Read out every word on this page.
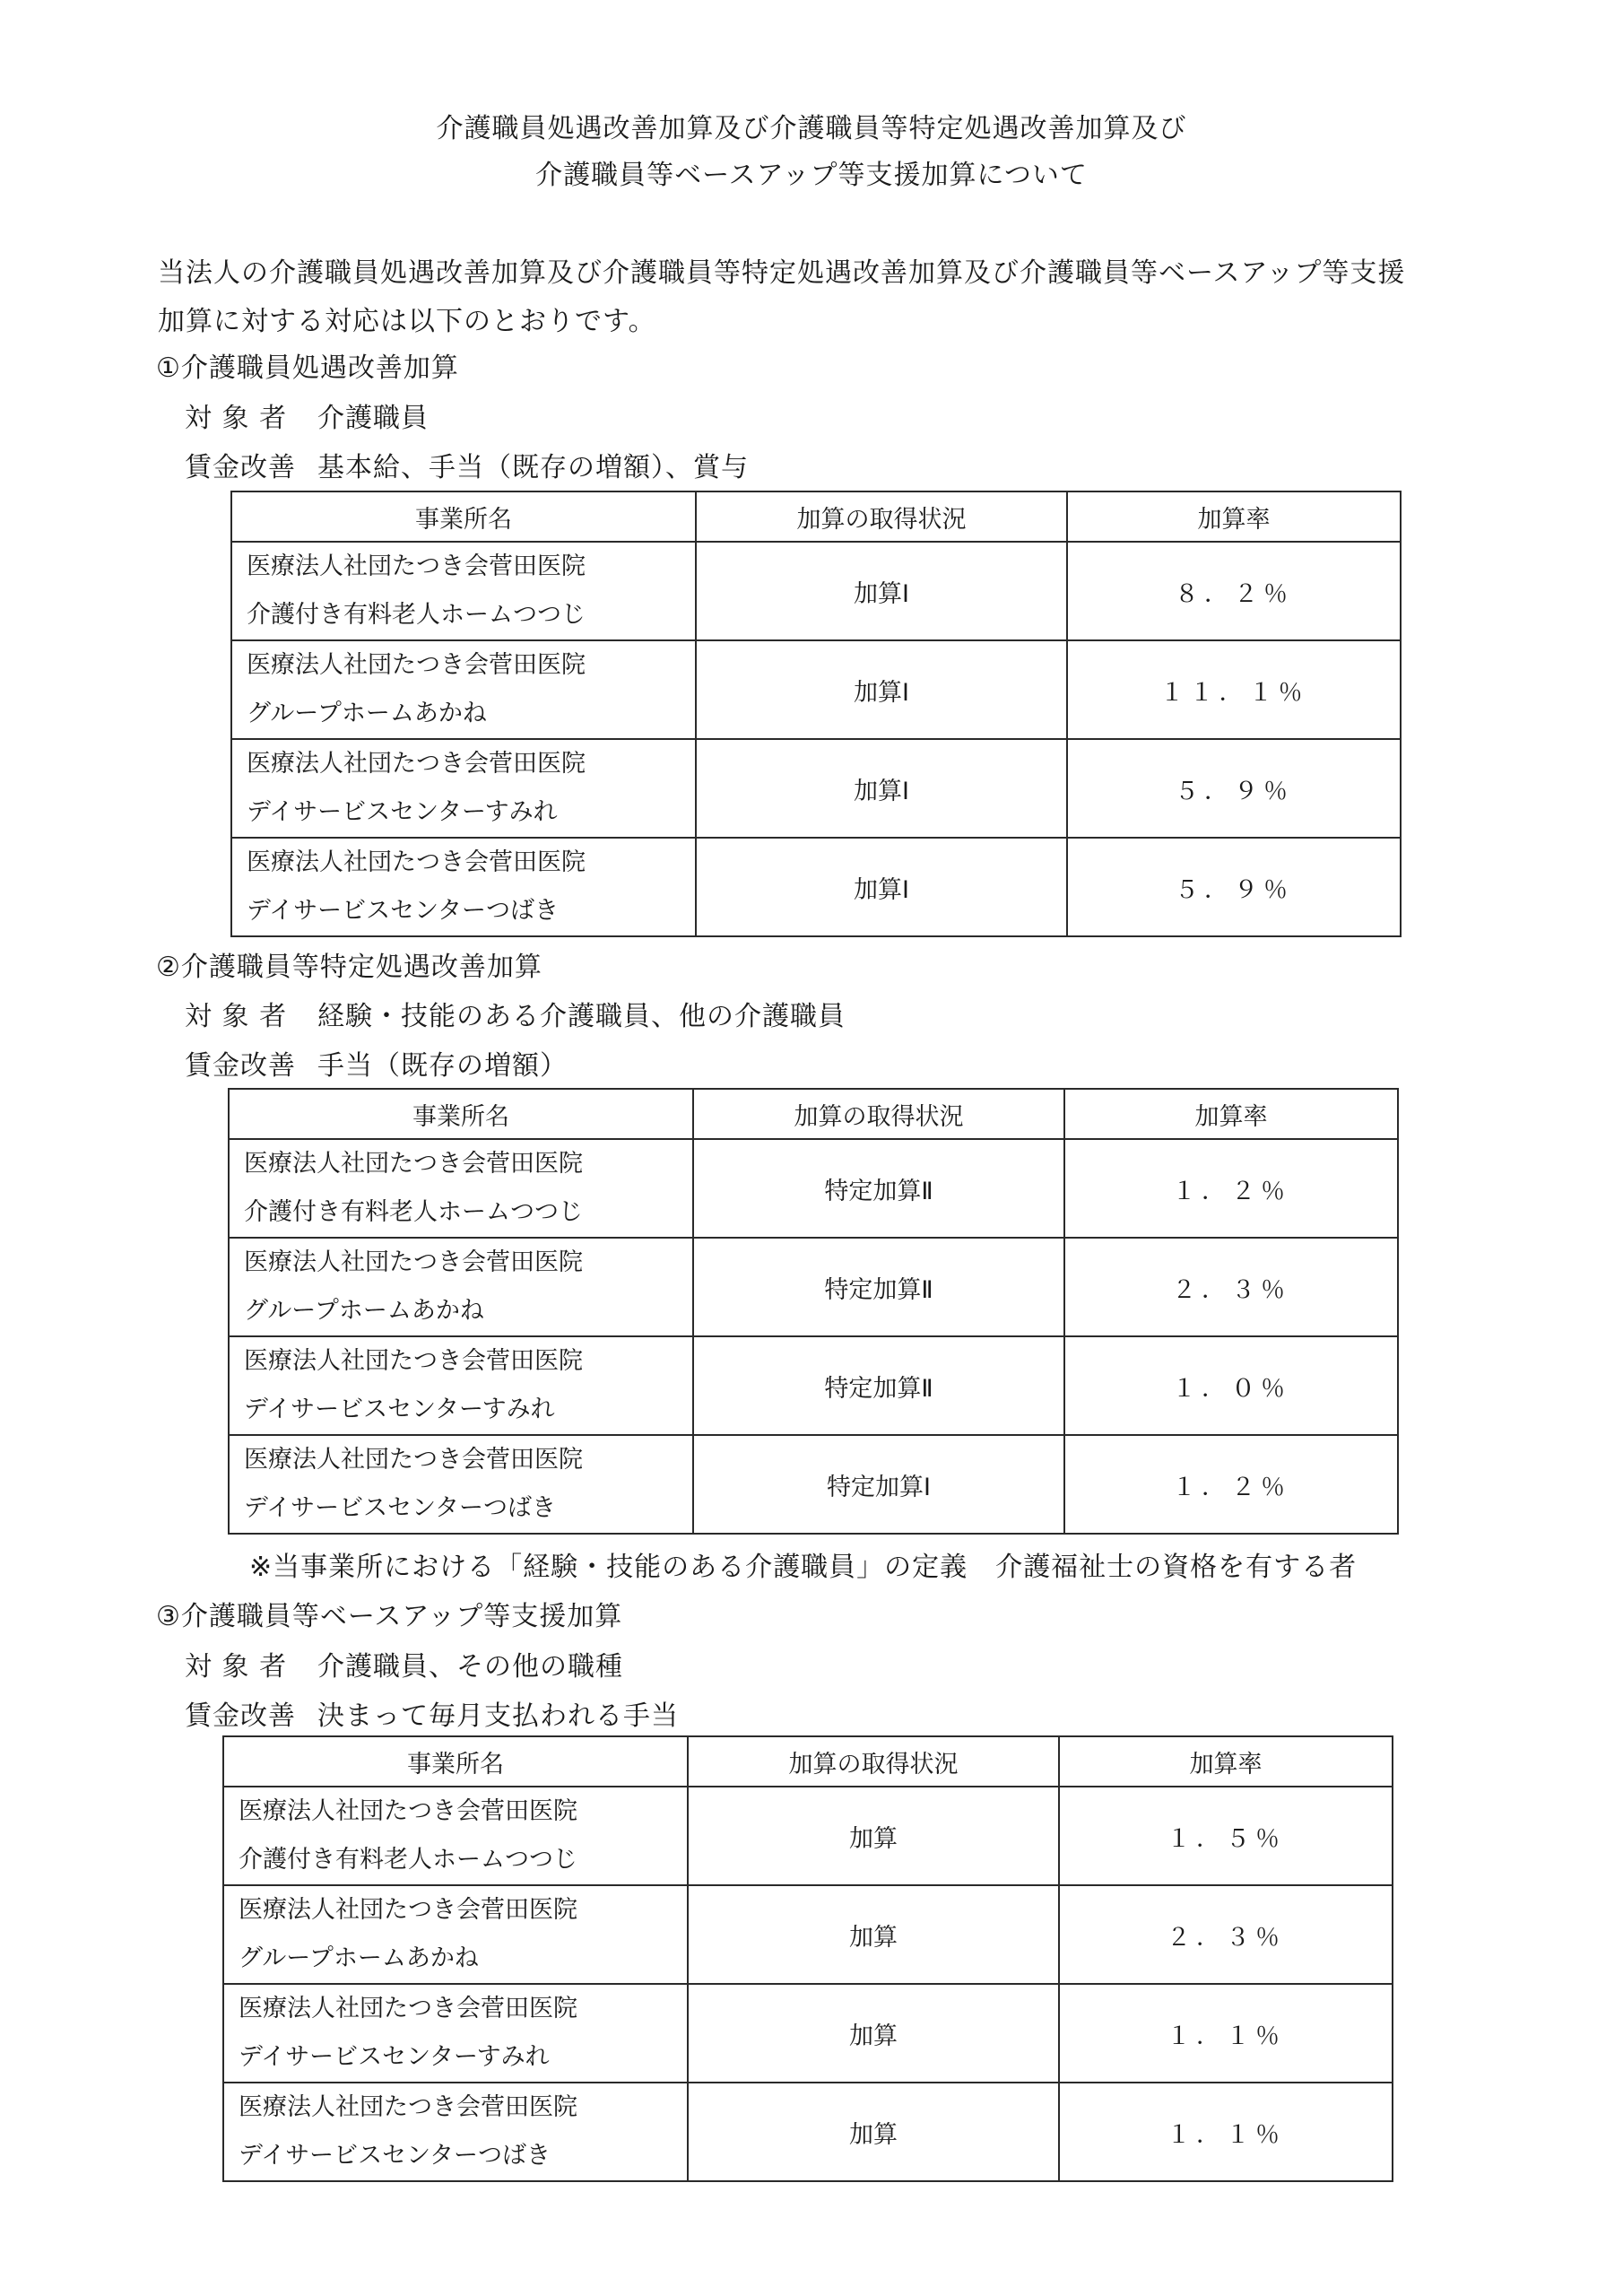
介護職員処遇改善加算及び介護職員等特定処遇改善加算及び
介護職員等ベースアップ等支援加算について
当法人の介護職員処遇改善加算及び介護職員等特定処遇改善加算及び介護職員等ベースアップ等支援
加算に対する対応は以下のとおりです。
①介護職員処遇改善加算
対 象 者 介護職員
賃金改善 基本給、手当（既存の増額）、賞与
事業所名	加算の取得状況	加算率

医療法人社団たつき会菅田医院
介護付き有料老人ホームつつじ	加算Ⅰ	８．２％

医療法人社団たつき会菅田医院
グループホームあかね	加算Ⅰ	１１．１％

医療法人社団たつき会菅田医院
デイサービスセンターすみれ	加算Ⅰ	５．９％

医療法人社団たつき会菅田医院
デイサービスセンターつばき	加算Ⅰ	５．９％
②介護職員等特定処遇改善加算
対 象 者 経験・技能のある介護職員、他の介護職員
賃金改善 手当（既存の増額）
事業所名	加算の取得状況	加算率

医療法人社団たつき会菅田医院
介護付き有料老人ホームつつじ	特定加算Ⅱ	１．２％

医療法人社団たつき会菅田医院
グループホームあかね	特定加算Ⅱ	２．３％

医療法人社団たつき会菅田医院
デイサービスセンターすみれ	特定加算Ⅱ	１．０％

医療法人社団たつき会菅田医院
デイサービスセンターつばき	特定加算Ⅰ	１．２％
※当事業所における「経験・技能のある介護職員」の定義　介護福祉士の資格を有する者
③介護職員等ベースアップ等支援加算
対 象 者 介護職員、その他の職種
賃金改善 決まって毎月支払われる手当
事業所名	加算の取得状況	加算率

医療法人社団たつき会菅田医院
介護付き有料老人ホームつつじ	加算	１．５％

医療法人社団たつき会菅田医院
グループホームあかね	加算	２．３％

医療法人社団たつき会菅田医院
デイサービスセンターすみれ	加算	１．１％

医療法人社団たつき会菅田医院
デイサービスセンターつばき	加算	１．１％
